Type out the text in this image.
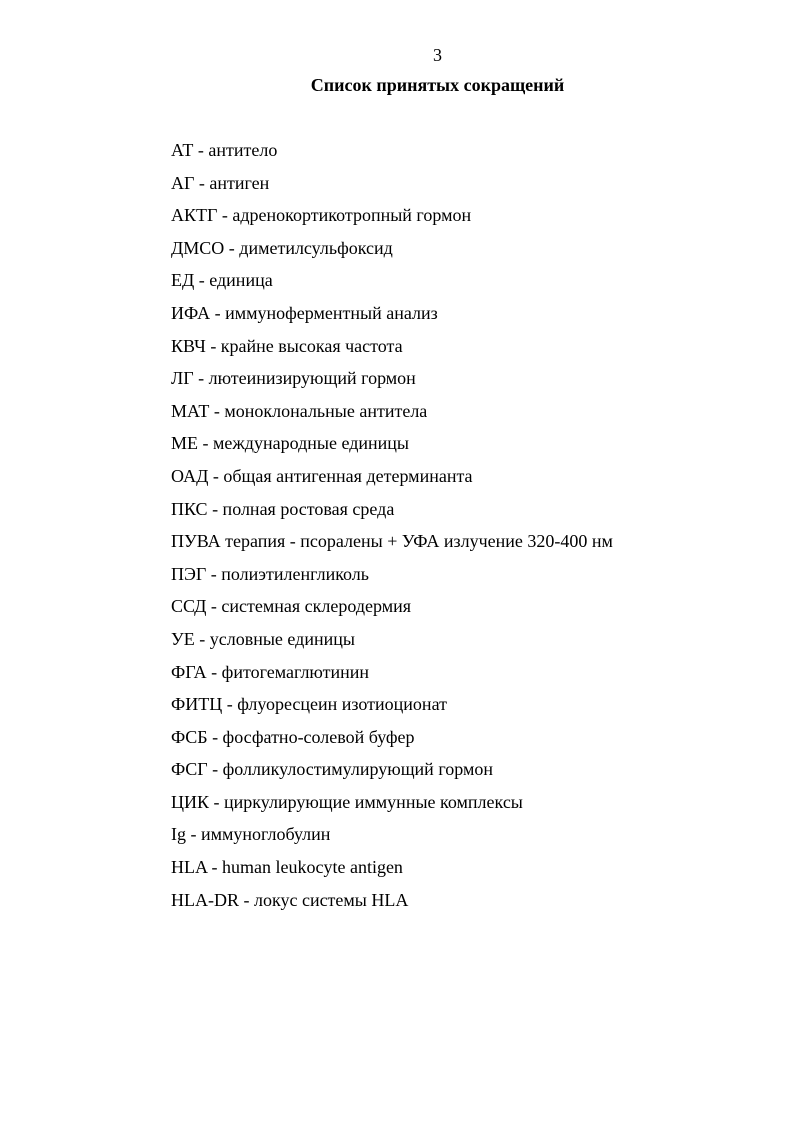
3
Список принятых сокращений
АТ - антитело
АГ - антиген
АКТГ - адренокортикотропный гормон
ДМСО - диметилсульфоксид
ЕД - единица
ИФА - иммуноферментный анализ
КВЧ - крайне высокая частота
ЛГ - лютеинизирующий гормон
МАТ - моноклональные антитела
МЕ - международные единицы
ОАД - общая антигенная детерминанта
ПКС - полная ростовая среда
ПУВА терапия - псоралены + УФА излучение 320-400 нм
ПЭГ - полиэтиленгликоль
ССД - системная склеродермия
УЕ - условные единицы
ФГА - фитогемаглютинин
ФИТЦ - флуоресцеин изотиоционат
ФСБ - фосфатно-солевой буфер
ФСГ - фолликулостимулирующий гормон
ЦИК - циркулирующие иммунные комплексы
Ig - иммуноглобулин
HLA - human leukocyte antigen
HLA-DR - локус системы HLA
